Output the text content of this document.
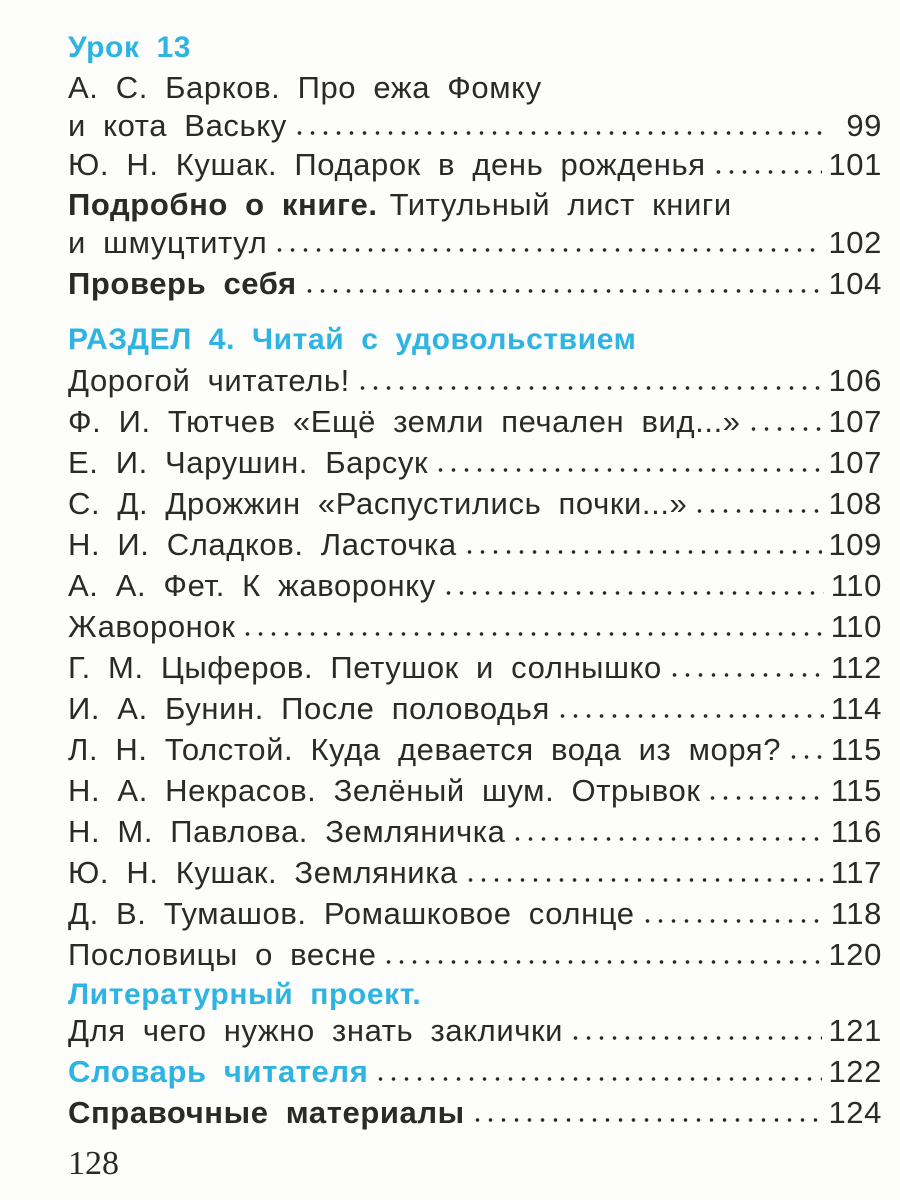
Урок 13
А. С. Барков. Про ежа Фомку
и кота Ваську	99
Ю. Н. Кушак. Подарок в день рожденья	101
Подробно о книге. Титульный лист книги
и шмуцтитул	102
Проверь себя	104
РАЗДЕЛ 4. Читай с удовольствием
Дорогой читатель!	106
Ф. И. Тютчев «Ещё земли печален вид...»	107
Е. И. Чарушин. Барсук	107
С. Д. Дрожжин «Распустились почки...»	108
Н. И. Сладков. Ласточка	109
А. А. Фет. К жаворонку	110
Жаворонок	110
Г. М. Цыферов. Петушок и солнышко	112
И. А. Бунин. После половодья	114
Л. Н. Толстой. Куда девается вода из моря? 115
Н. А. Некрасов. Зелёный шум. Отрывок	115
Н. М. Павлова. Земляничка	116
Ю. Н. Кушак. Земляника	117
Д. В. Тумашов. Ромашковое солнце	118
Пословицы о весне	120
Литературный проект.
Для чего нужно знать заклички	121
Словарь читателя	122
Справочные материалы	124
128
